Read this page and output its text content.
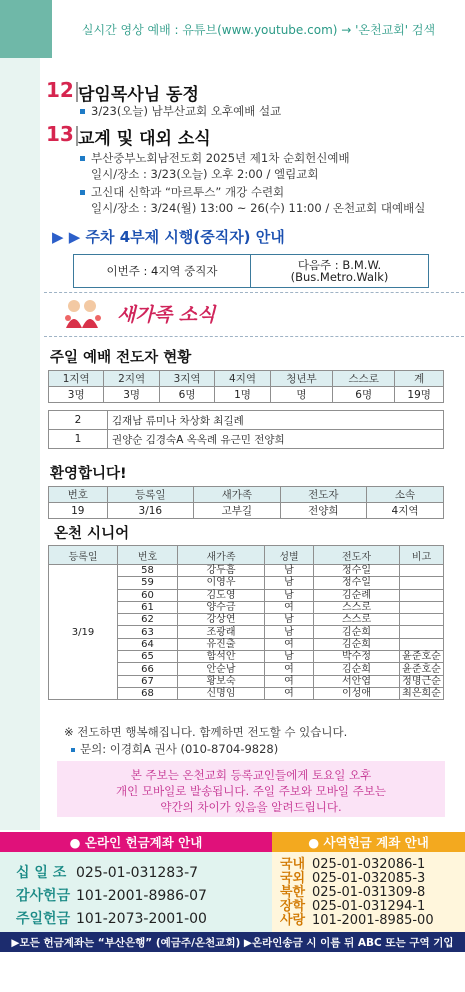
실시간 영상 예배 : 유튜브(www.youtube.com) → '온천교회' 검색
12 담임목사님 동정
3/23(오늘) 남부산교회 오후예배 설교
13 교계 및 대외 소식
부산중부노회남전도회 2025년 제1차 순회헌신예배
일시/장소 : 3/23(오늘) 오후 2:00 / 엘림교회
고신대 신학과 “마르투스” 개강 수련회
일시/장소 : 3/24(월) 13:00 ~ 26(수) 11:00 / 온천교회 대예배실
▶ ▶ 주차 4부제 시행(중직자) 안내
이번주 : 4지역 중직자	다음주 : B.M.W.
(Bus.Metro.Walk)
새가족 소식
주일 예배 전도자 현황
1지역	2지역	3지역	4지역	청년부	스스로	계
3명	3명	6명	1명	명	6명	19명
2	김재남 류미나 차상화 최길례
1	권양순 김경숙A 옥옥례 유근민 전양희
환영합니다!
번호	등록일	새가족	전도자	소속
19	3/16	고부길	전양희	4지역
온천 시니어
등록일	번호	새가족	성별	전도자	비고
3/19	58	강두흠	남	정수일	
	59	이영우	남	정수일	
	60	김도영	남	김순례	
	61	양수금	여	스스로	
	62	강상연	남	스스로	
	63	조광래	남	김순희	
	64	유진출	여	김순희	
	65	함석안	남	박수정	윤준호순
	66	안순남	여	김순희	윤준호순
	67	황보숙	여	서안엽	정명근순
	68	신명임	여	이성애	최은희순
※ 전도하면 행복해집니다. 함께하면 전도할 수 있습니다.
문의: 이경희A 권사 (010-8704-9828)
본 주보는 온천교회 등록교인들에게 토요일 오후
개인 모바일로 발송됩니다. 주일 주보와 모바일 주보는
약간의 차이가 있음을 알려드립니다.
● 온라인 헌금계좌 안내	● 사역헌금 계좌 안내
십 일 조 025-01-031283-7
감사헌금 101-2001-8986-07
주일헌금 101-2073-2001-00
국내 025-01-032086-1
국외 025-01-032085-3
북한 025-01-031309-8
장학 025-01-031294-1
사랑 101-2001-8985-00
▶모든 헌금계좌는 “부산은행” (예금주/온천교회) ▶온라인송금 시 이름 뒤 ABC 또는 구역 기입
